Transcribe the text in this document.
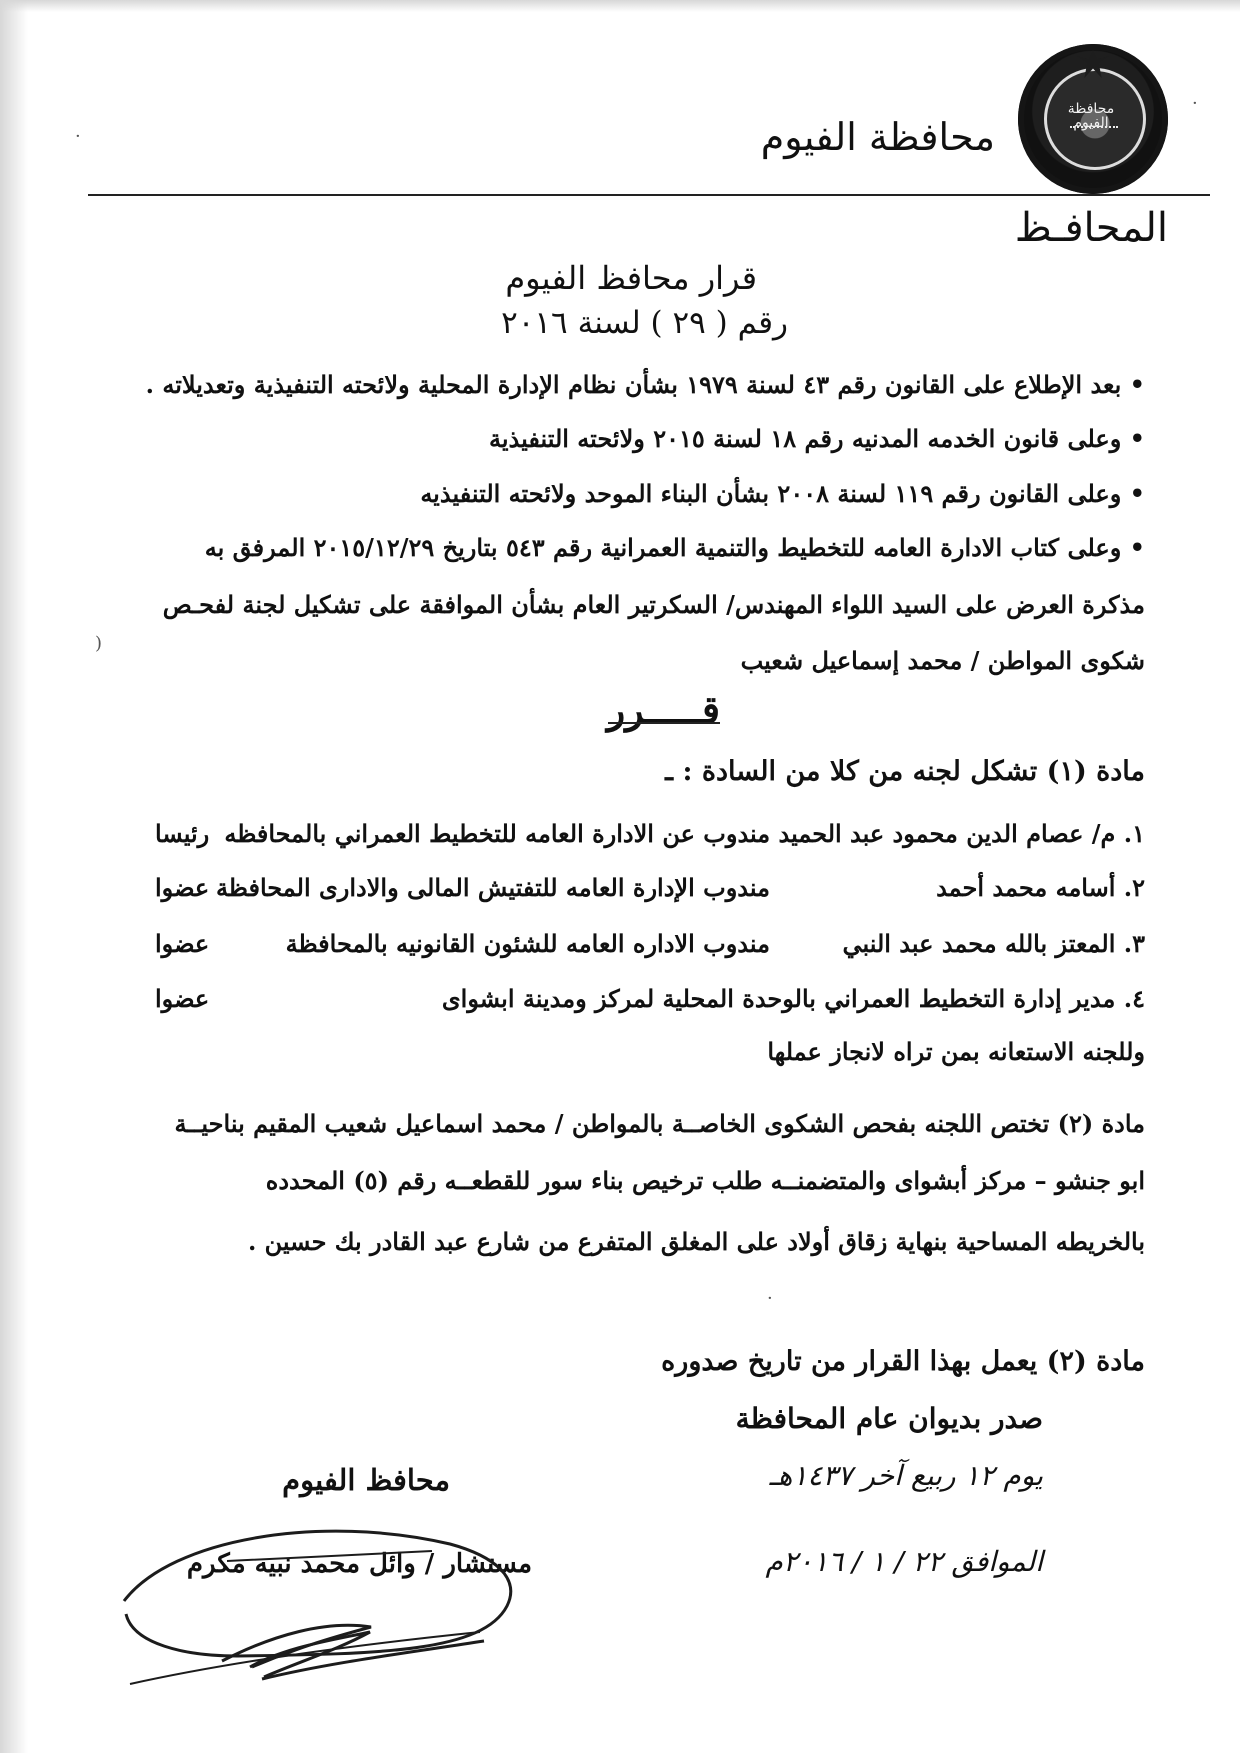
محافظة الفيوم
محافظة الفيوم
المحافـظ
قرار محافظ الفيوم
رقم ( ٢٩ ) لسنة ٢٠١٦
• بعد الإطلاع على القانون رقم ٤٣ لسنة ١٩٧٩ بشأن نظام الإدارة المحلية ولائحته التنفيذية وتعديلاته .
• وعلى قانون الخدمه المدنيه رقم ١٨ لسنة ٢٠١٥ ولائحته التنفيذية
• وعلى القانون رقم ١١٩ لسنة ٢٠٠٨ بشأن البناء الموحد ولائحته التنفيذيه
• وعلى كتاب الادارة العامه للتخطيط والتنمية العمرانية رقم ٥٤٣ بتاريخ ٢٠١٥/١٢/٢٩ المرفق به
مذكرة العرض على السيد اللواء المهندس/ السكرتير العام بشأن الموافقة على تشكيل لجنة لفحـص
شكوى المواطن / محمد إسماعيل شعيب
قـــــرر
مادة (١) تشكل لجنه من كلا من السادة : ـ
١. م/ عصام الدين محمود عبد الحميد مندوب عن الادارة العامه للتخطيط العمراني بالمحافظه
رئيسا
٢. أسامه محمد أحمد
مندوب الإدارة العامه للتفتيش المالى والادارى المحافظة
عضوا
٣. المعتز بالله محمد عبد النبي
مندوب الاداره العامه للشئون القانونيه بالمحافظة
عضوا
٤. مدير إدارة التخطيط العمراني بالوحدة المحلية لمركز ومدينة ابشواى
عضوا
وللجنه الاستعانه بمن تراه لانجاز عملها
مادة (٢) تختص اللجنه بفحص الشكوى الخاصــة بالمواطن / محمد اسماعيل شعيب المقيم بناحيــة
ابو جنشو – مركز أبشواى والمتضمنــه طلب ترخيص بناء سور للقطعــه رقم (٥) المحدده
بالخريطه المساحية بنهاية زقاق أولاد على المغلق المتفرع من شارع عبد القادر بك حسين .
مادة (٢) يعمل بهذا القرار من تاريخ صدوره
صدر بديوان عام المحافظة
يوم ١٢ ربيع آخر ١٤٣٧هـ
الموافق ٢٢ / ١ / ٢٠١٦م
محافظ الفيوم
مستشار / وائل محمد نبيه مكرم
)
·
·
·
